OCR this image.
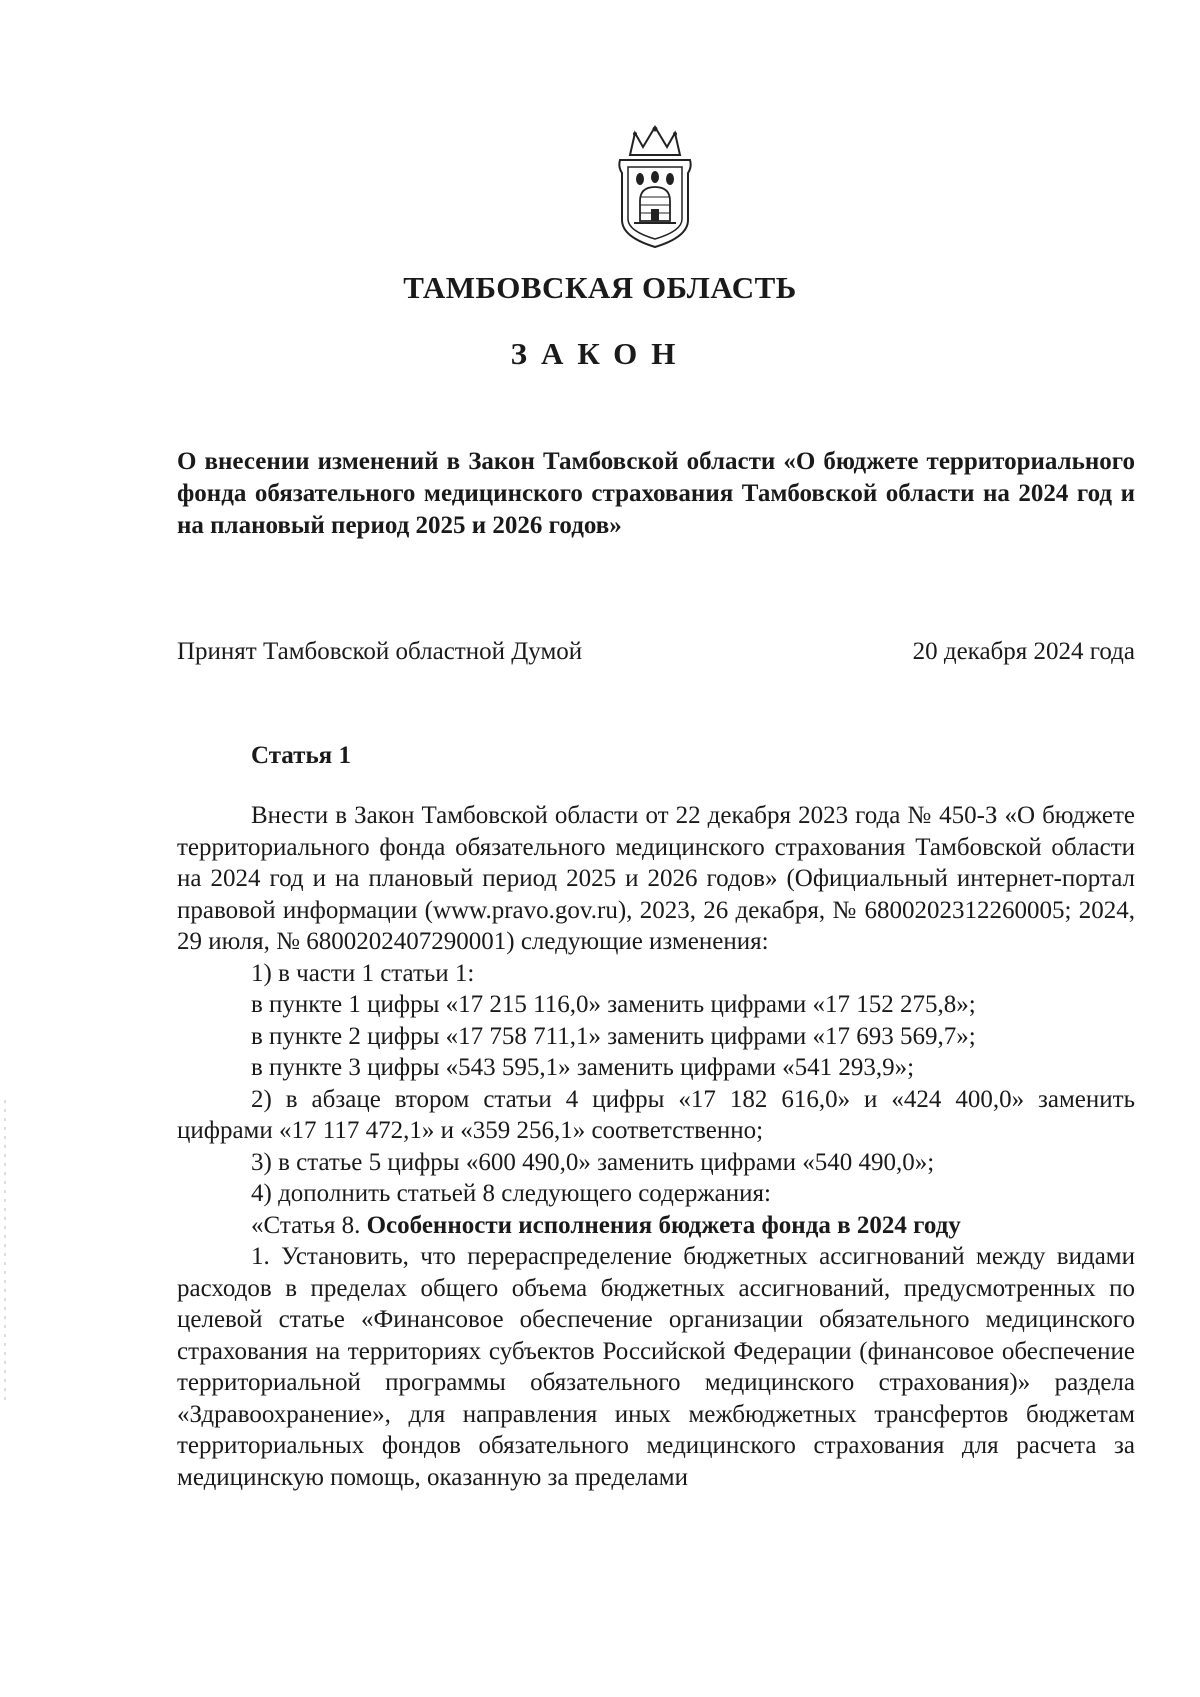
ТАМБОВСКАЯ ОБЛАСТЬ
ЗАКОН
О внесении изменений в Закон Тамбовской области «О бюджете территориального фонда обязательного медицинского страхования Тамбовской области на 2024 год и на плановый период 2025 и 2026 годов»
Принят Тамбовской областной Думой	20 декабря 2024 года
Статья 1

Внести в Закон Тамбовской области от 22 декабря 2023 года № 450-З «О бюджете территориального фонда обязательного медицинского страхования Тамбовской области на 2024 год и на плановый период 2025 и 2026 годов» (Официальный интернет-портал правовой информации (www.pravo.gov.ru), 2023, 26 декабря, № 6800202312260005; 2024, 29 июля, № 6800202407290001) следующие изменения:

1) в части 1 статьи 1:

в пункте 1 цифры «17 215 116,0» заменить цифрами «17 152 275,8»;

в пункте 2 цифры «17 758 711,1» заменить цифрами «17 693 569,7»;

в пункте 3 цифры «543 595,1» заменить цифрами «541 293,9»;

2) в абзаце втором статьи 4 цифры «17 182 616,0» и «424 400,0» заменить цифрами «17 117 472,1» и «359 256,1» соответственно;

3) в статье 5 цифры «600 490,0» заменить цифрами «540 490,0»;

4) дополнить статьей 8 следующего содержания:

«Статья 8. Особенности исполнения бюджета фонда в 2024 году

1. Установить, что перераспределение бюджетных ассигнований между видами расходов в пределах общего объема бюджетных ассигнований, предусмотренных по целевой статье «Финансовое обеспечение организации обязательного медицинского страхования на территориях субъектов Российской Федерации (финансовое обеспечение территориальной программы обязательного медицинского страхования)» раздела «Здравоохранение», для направления иных межбюджетных трансфертов бюджетам территориальных фондов обязательного медицинского страхования для расчета за медицинскую помощь, оказанную за пределами
